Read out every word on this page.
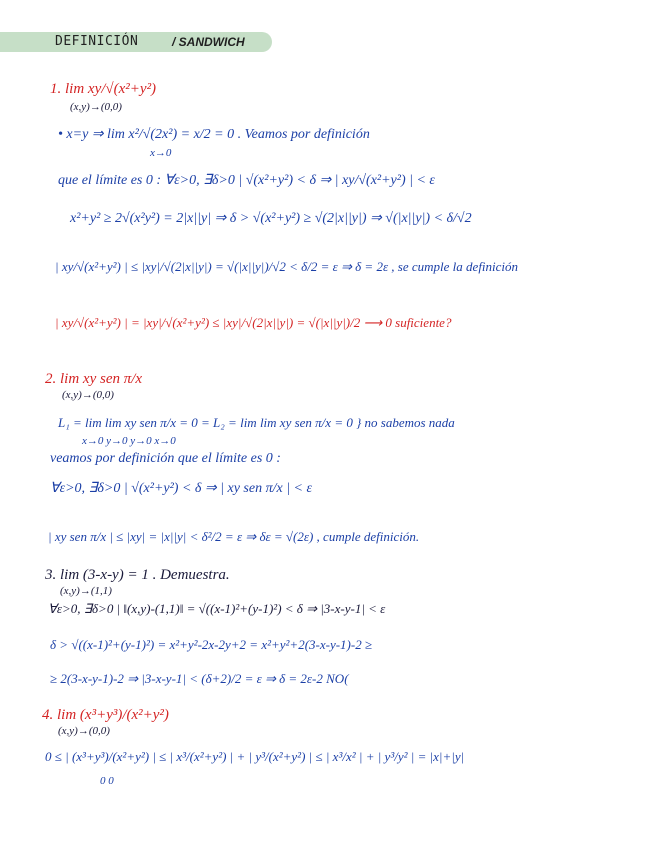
DEFINICIÓN	/ SANDWICH
1. lim xy/√(x²+y²)
(x,y)→(0,0)
• x=y ⇒ lim x²/√(2x²) = x/2 = 0 . Veamos por definición
x→0
que el límite es 0 : ∀ε>0, ∃δ>0 | √(x²+y²) < δ ⇒ | xy/√(x²+y²) | < ε
x²+y² ≥ 2√(x²y²) = 2|x||y| ⇒ δ > √(x²+y²) ≥ √(2|x||y|) ⇒ √(|x||y|) < δ/√2
| xy/√(x²+y²) | ≤ |xy|/√(2|x||y|) = √(|x||y|)/√2 < δ/2 = ε ⇒ δ = 2ε , se cumple la definición
| xy/√(x²+y²) | = |xy|/√(x²+y²) ≤ |xy|/√(2|x||y|) = √(|x||y|)/2 ⟶ 0 suficiente?
2. lim xy sen π/x
(x,y)→(0,0)
L₁ = lim lim xy sen π/x = 0 = L₂ = lim lim xy sen π/x = 0 } no sabemos nada
x→0 y→0 y→0 x→0
veamos por definición que el límite es 0 :
∀ε>0, ∃δ>0 | √(x²+y²) < δ ⇒ | xy sen π/x | < ε
| xy sen π/x | ≤ |xy| = |x||y| < δ²/2 = ε ⇒ δε = √(2ε) , cumple definición.
3. lim (3-x-y) = 1 . Demuestra.
(x,y)→(1,1)
∀ε>0, ∃δ>0 | ‖(x,y)-(1,1)‖ = √((x-1)²+(y-1)²) < δ ⇒ |3-x-y-1| < ε
δ > √((x-1)²+(y-1)²) = x²+y²-2x-2y+2 = x²+y²+2(3-x-y-1)-2 ≥
≥ 2(3-x-y-1)-2 ⇒ |3-x-y-1| < (δ+2)/2 = ε ⇒ δ = 2ε-2 NO(
4. lim (x³+y³)/(x²+y²)
(x,y)→(0,0)
0 ≤ | (x³+y³)/(x²+y²) | ≤ | x³/(x²+y²) | + | y³/(x²+y²) | ≤ | x³/x² | + | y³/y² | = |x|+|y|
0 0
